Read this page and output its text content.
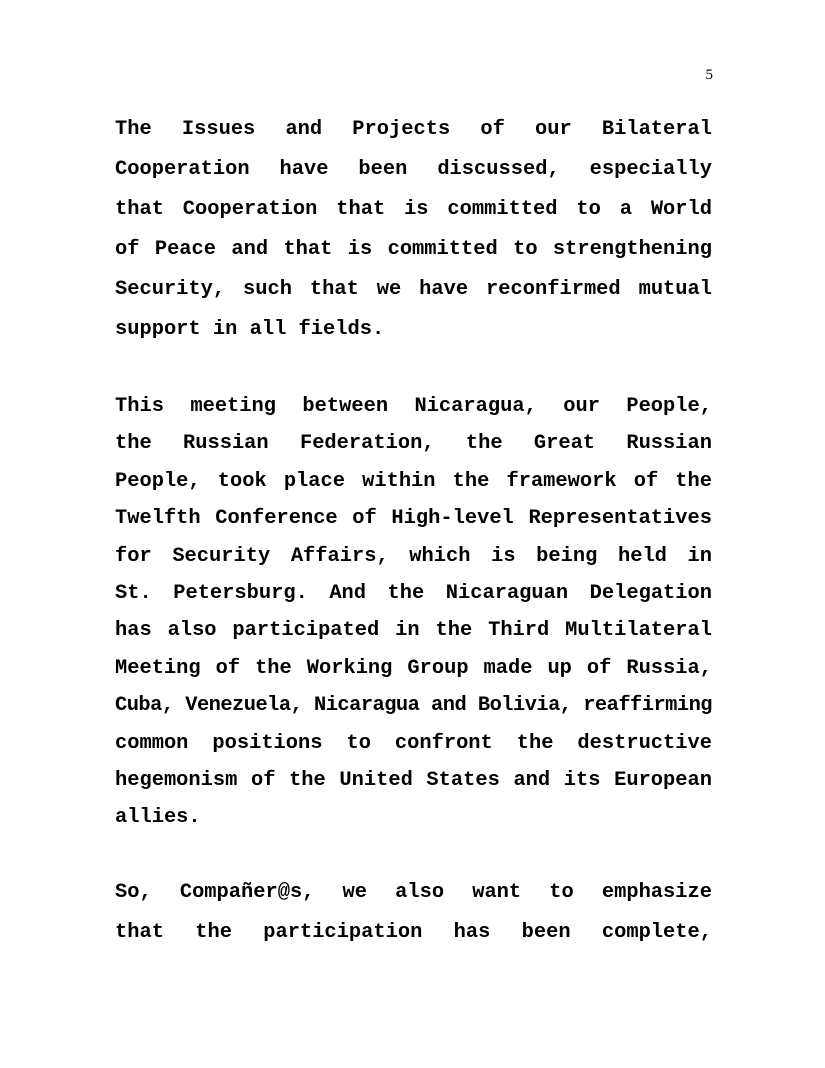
5
The Issues and Projects of our Bilateral
Cooperation have been discussed, especially
that Cooperation that is committed to a World
of Peace and that is committed to strengthening
Security, such that we have reconfirmed mutual
support in all fields.
This meeting between Nicaragua, our People,
the Russian Federation, the Great Russian
People, took place within the framework of the
Twelfth Conference of High-level Representatives
for Security Affairs, which is being held in
St. Petersburg. And the Nicaraguan Delegation
has also participated in the Third Multilateral
Meeting of the Working Group made up of Russia,
Cuba, Venezuela, Nicaragua and Bolivia, reaffirming
common positions to confront the destructive
hegemonism of the United States and its European
allies.
So, Compañer@s, we also want to emphasize
that the participation has been complete,
